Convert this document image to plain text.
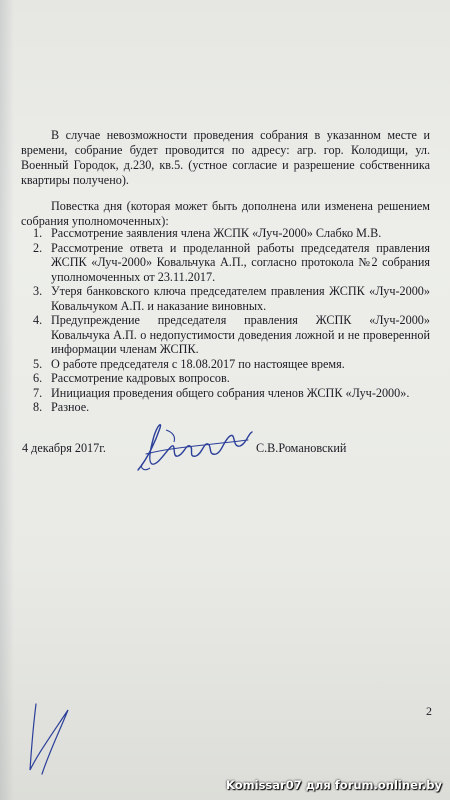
В случае невозможности проведения собрания в указанном месте и времени, собрание будет проводится по адресу: агр. гор. Колодищи, ул. Военный Городок, д.230, кв.5. (устное согласие и разрешение собственника квартиры получено).
Повестка дня (которая может быть дополнена или изменена решением собрания уполномоченных):
1. Рассмотрение заявления члена ЖСПК «Луч-2000» Слабко М.В.
2. Рассмотрение ответа и проделанной работы председателя правления ЖСПК «Луч-2000» Ковальчука А.П., согласно протокола №2 собрания уполномоченных от 23.11.2017.
3. Утеря банковского ключа председателем правления ЖСПК «Луч-2000» Ковальчуком А.П. и наказание виновных.
4. Предупреждение председателя правления ЖСПК «Луч-2000» Ковальчука А.П. о недопустимости доведения ложной и не проверенной информации членам ЖСПК.
5. О работе председателя с 18.08.2017 по настоящее время.
6. Рассмотрение кадровых вопросов.
7. Инициация проведения общего собрания членов ЖСПК «Луч-2000».
8. Разное.
4 декабря 2017г.	С.В.Романовский
2
Komissar07 для forum.onliner.by
